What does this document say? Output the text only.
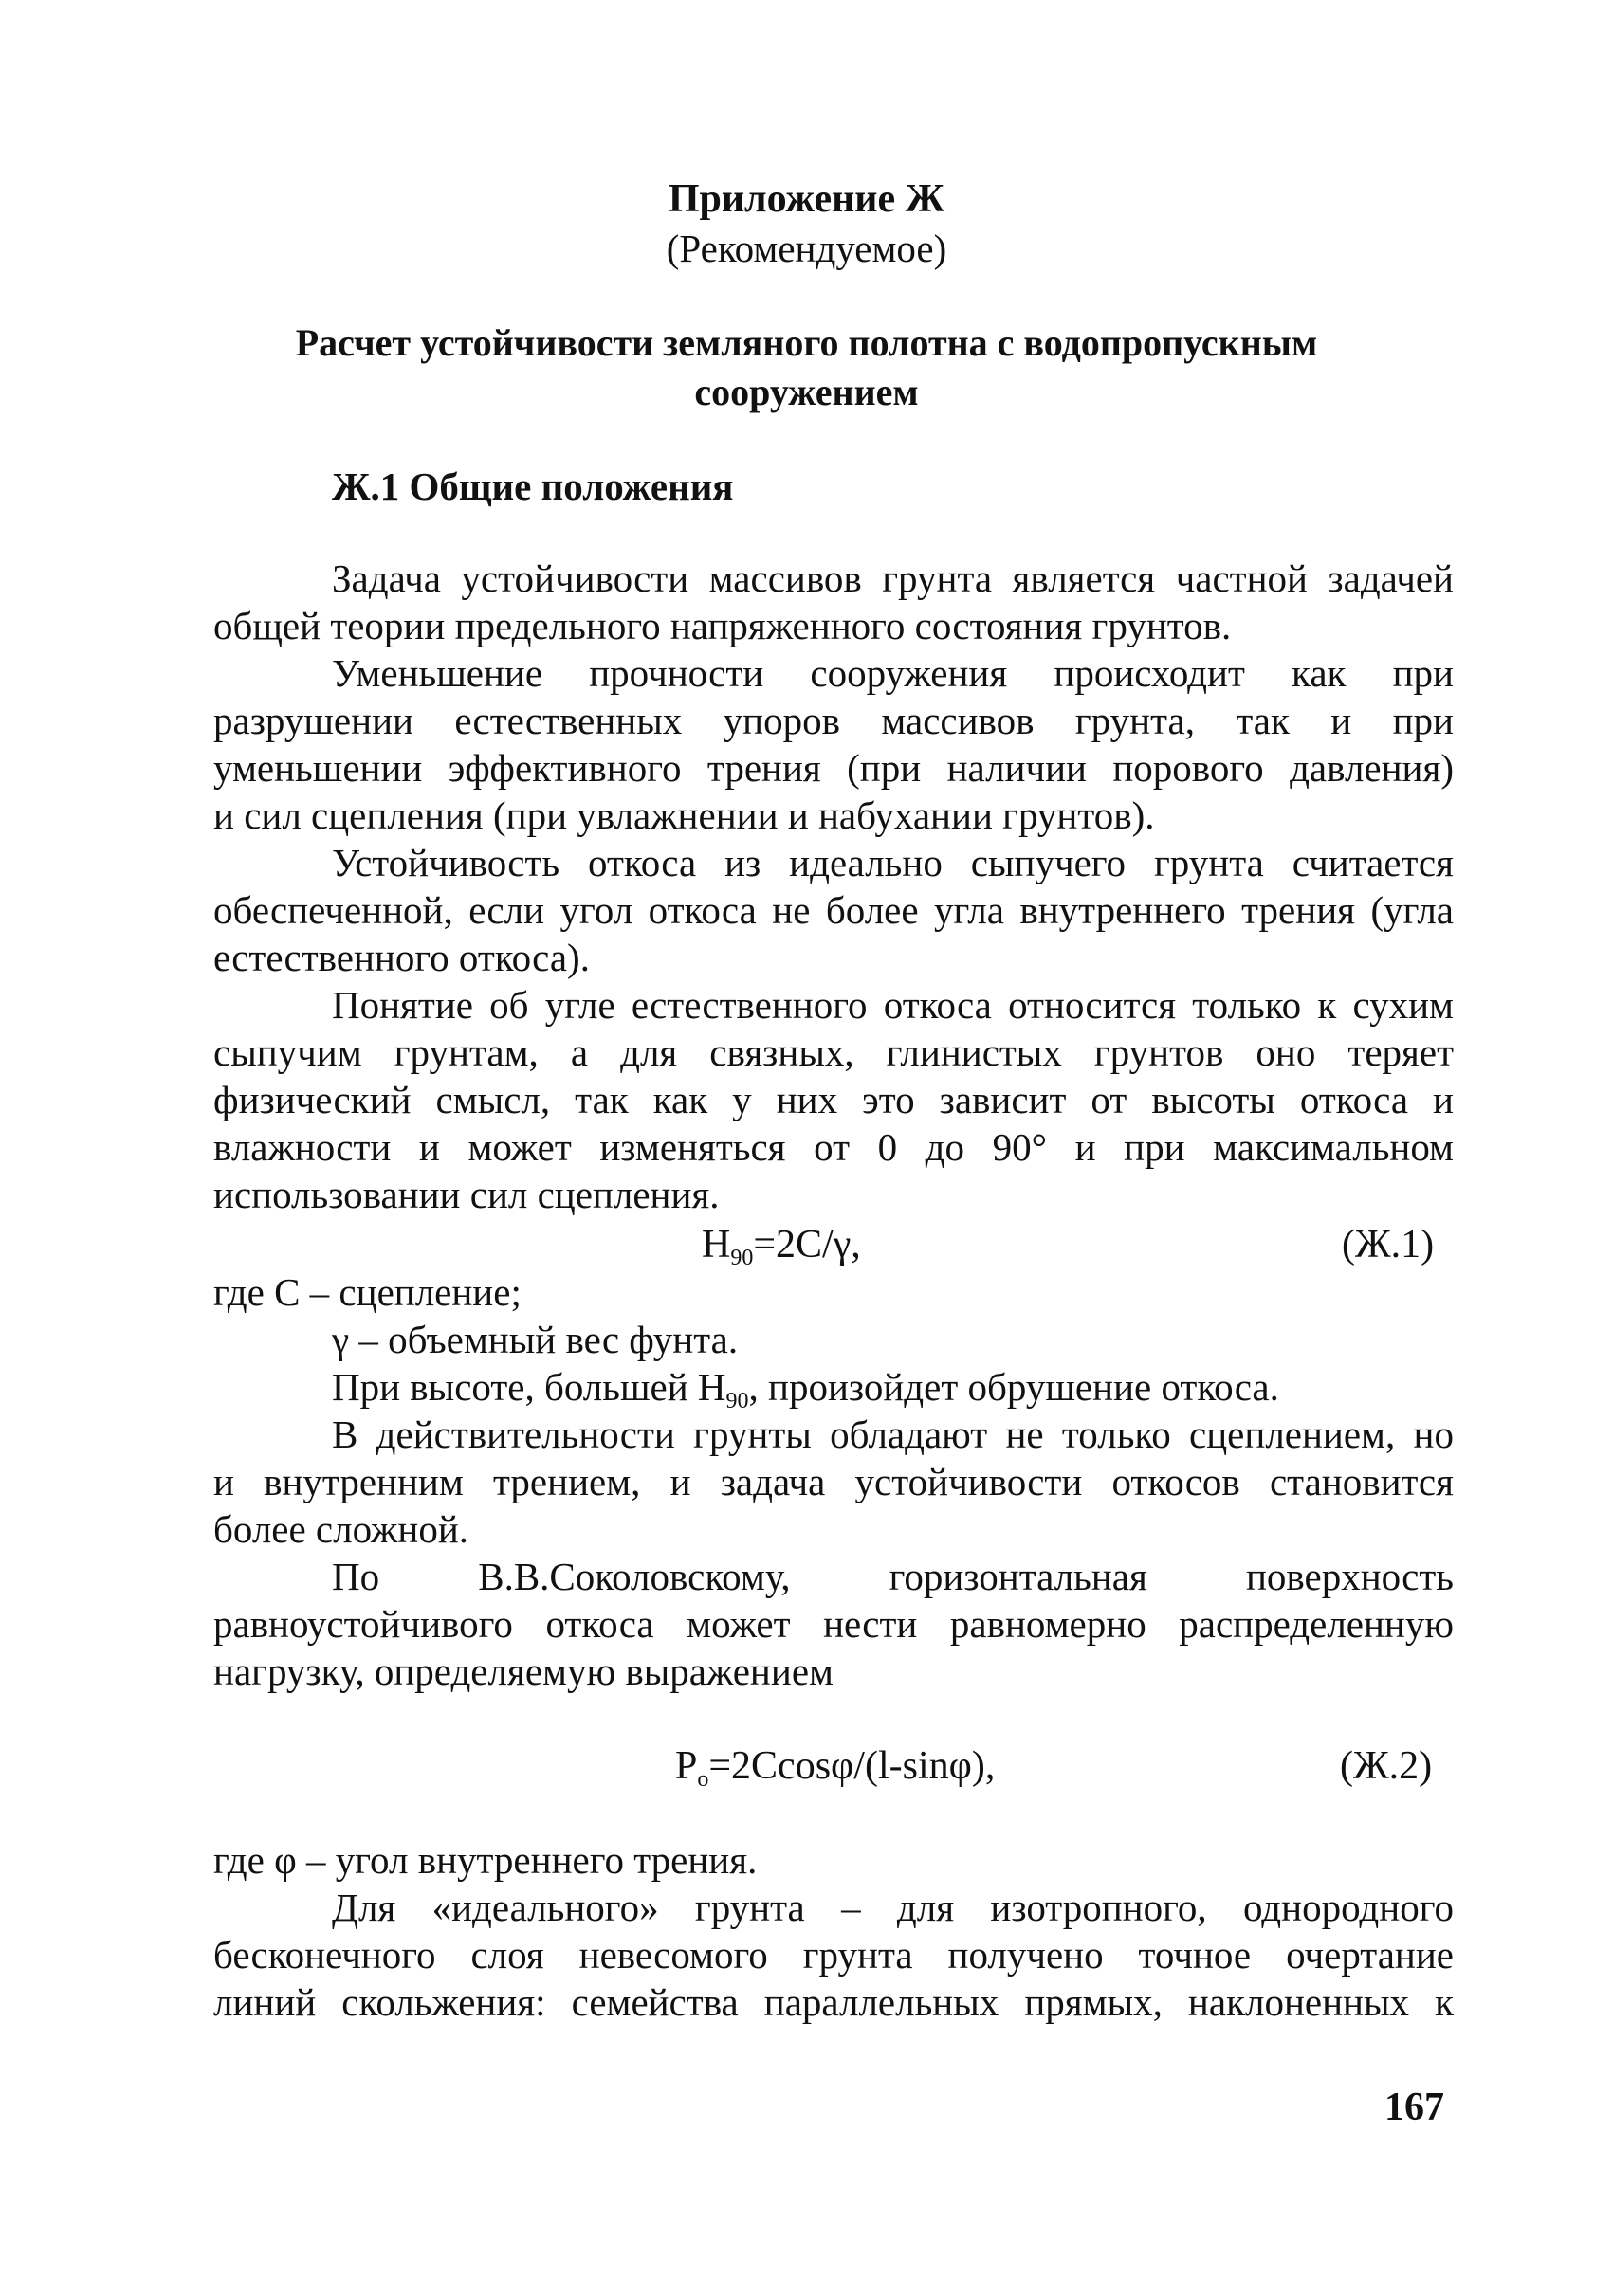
Приложение Ж
(Рекомендуемое)
Расчет устойчивости земляного полотна с водопропускным
сооружением
Ж.1 Общие положения
Задача устойчивости массивов грунта является частной задачей
общей теории предельного напряженного состояния грунтов.
Уменьшение прочности сооружения происходит как при
разрушении естественных упоров массивов грунта, так и при
уменьшении эффективного трения (при наличии порового давления)
и сил сцепления (при увлажнении и набухании грунтов).
Устойчивость откоса из идеально сыпучего грунта считается
обеспеченной, если угол откоса не более угла внутреннего трения (угла
естественного откоса).
Понятие об угле естественного откоса относится только к сухим
сыпучим грунтам, а для связных, глинистых грунтов оно теряет
физический смысл, так как у них это зависит от высоты откоса и
влажности и может изменяться от 0 до 90° и при максимальном
использовании сил сцепления.
$H_{90}=2С/\gamma$,	(Ж.1)
где С – сцепление;
γ – объемный вес фунта.
При высоте, большей $H_{90}$, произойдет обрушение откоса.
В действительности грунты обладают не только сцеплением, но
и внутренним трением, и задача устойчивости откосов становится
более сложной.
По В.В.Соколовскому, горизонтальная поверхность
равноустойчивого откоса может нести равномерно распределенную
нагрузку, определяемую выражением
$P_o=2С\cos\varphi/(l-\sin\varphi)$,	(Ж.2)
где φ – угол внутреннего трения.
Для «идеального» грунта – для изотропного, однородного
бесконечного слоя невесомого грунта получено точное очертание
линий скольжения: семейства параллельных прямых, наклоненных к
167
